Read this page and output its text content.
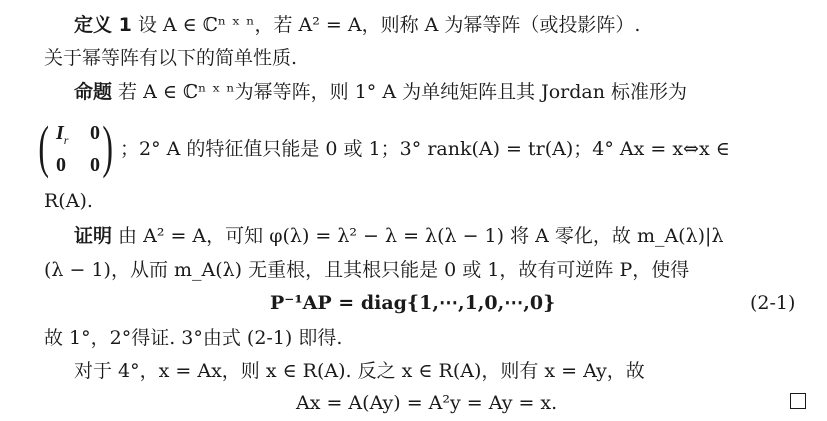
定义 1 设 A ∈ ℂⁿ ˣ ⁿ，若 A² = A，则称 A 为幂等阵（或投影阵）.
关于幂等阵有以下的简单性质.
命题 若 A ∈ ℂⁿ ˣ ⁿ为幂等阵，则 1° A 为单纯矩阵且其 Jordan 标准形为
( $I_r$ 0
0 0 ) ；2° A 的特征值只能是 0 或 1；3° rank(A) = tr(A)；4° Ax = x⇔x ∈
R(A).
证明 由 A² = A，可知 φ(λ) = λ² − λ = λ(λ − 1) 将 A 零化，故 m_A(λ)|λ
(λ − 1)，从而 m_A(λ) 无重根，且其根只能是 0 或 1，故有可逆阵 P，使得
P⁻¹AP = diag{1,⋯,1,0,⋯,0}	(2-1)
故 1°，2°得证. 3°由式 (2-1) 即得.
对于 4°，x = Ax，则 x ∈ R(A). 反之 x ∈ R(A)，则有 x = Ay，故
Ax = A(Ay) = A²y = Ay = x.
